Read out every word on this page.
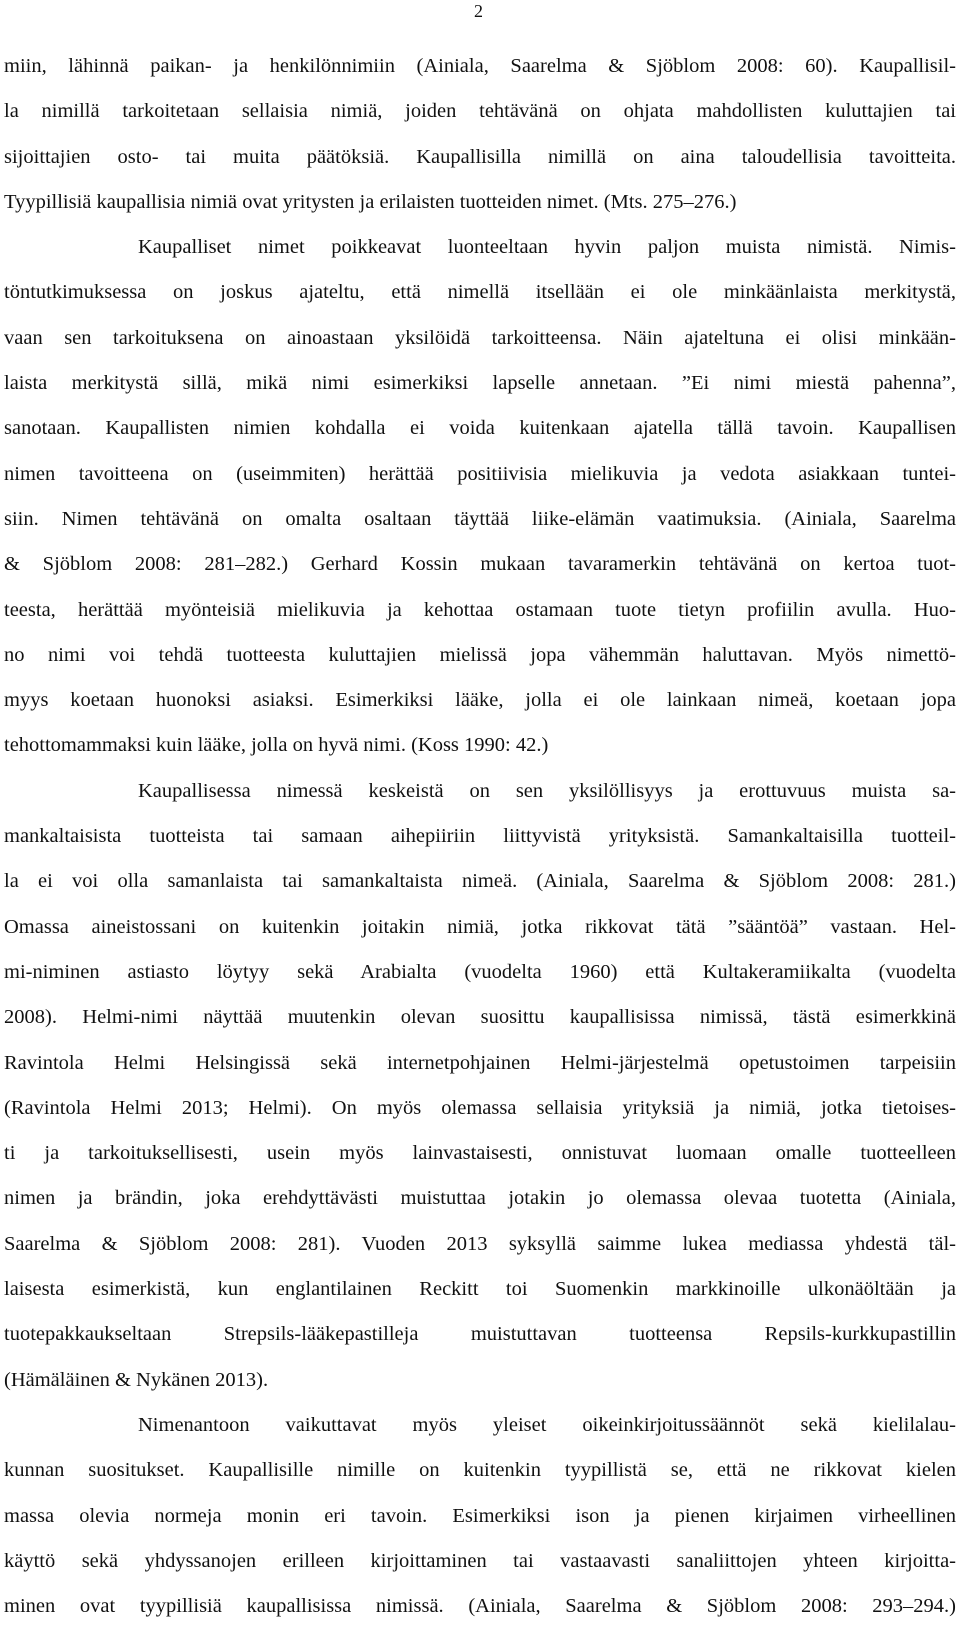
2
miin, lähinnä paikan- ja henkilönnimiin (Ainiala, Saarelma & Sjöblom 2008: 60). Kaupallisil-
la nimillä tarkoitetaan sellaisia nimiä, joiden tehtävänä on ohjata mahdollisten kuluttajien tai
sijoittajien osto- tai muita päätöksiä. Kaupallisilla nimillä on aina taloudellisia tavoitteita.
Tyypillisiä kaupallisia nimiä ovat yritysten ja erilaisten tuotteiden nimet. (Mts. 275–276.)
Kaupalliset nimet poikkeavat luonteeltaan hyvin paljon muista nimistä. Nimis-
töntutkimuksessa on joskus ajateltu, että nimellä itsellään ei ole minkäänlaista merkitystä,
vaan sen tarkoituksena on ainoastaan yksilöidä tarkoitteensa. Näin ajateltuna ei olisi minkään-
laista merkitystä sillä, mikä nimi esimerkiksi lapselle annetaan. ”Ei nimi miestä pahenna”,
sanotaan. Kaupallisten nimien kohdalla ei voida kuitenkaan ajatella tällä tavoin. Kaupallisen
nimen tavoitteena on (useimmiten) herättää positiivisia mielikuvia ja vedota asiakkaan tuntei-
siin. Nimen tehtävänä on omalta osaltaan täyttää liike-elämän vaatimuksia. (Ainiala, Saarelma
& Sjöblom 2008: 281–282.) Gerhard Kossin mukaan tavaramerkin tehtävänä on kertoa tuot-
teesta, herättää myönteisiä mielikuvia ja kehottaa ostamaan tuote tietyn profiilin avulla. Huo-
no nimi voi tehdä tuotteesta kuluttajien mielissä jopa vähemmän haluttavan. Myös nimettö-
myys koetaan huonoksi asiaksi. Esimerkiksi lääke, jolla ei ole lainkaan nimeä, koetaan jopa
tehottomammaksi kuin lääke, jolla on hyvä nimi. (Koss 1990: 42.)
Kaupallisessa nimessä keskeistä on sen yksilöllisyys ja erottuvuus muista sa-
mankaltaisista tuotteista tai samaan aihepiiriin liittyvistä yrityksistä. Samankaltaisilla tuotteil-
la ei voi olla samanlaista tai samankaltaista nimeä. (Ainiala, Saarelma & Sjöblom 2008: 281.)
Omassa aineistossani on kuitenkin joitakin nimiä, jotka rikkovat tätä ”sääntöä” vastaan. Hel-
mi-niminen astiasto löytyy sekä Arabialta (vuodelta 1960) että Kultakeramiikalta (vuodelta
2008). Helmi-nimi näyttää muutenkin olevan suosittu kaupallisissa nimissä, tästä esimerkkinä
Ravintola Helmi Helsingissä sekä internetpohjainen Helmi-järjestelmä opetustoimen tarpeisiin
(Ravintola Helmi 2013; Helmi). On myös olemassa sellaisia yrityksiä ja nimiä, jotka tietoises-
ti ja tarkoituksellisesti, usein myös lainvastaisesti, onnistuvat luomaan omalle tuotteelleen
nimen ja brändin, joka erehdyttävästi muistuttaa jotakin jo olemassa olevaa tuotetta (Ainiala,
Saarelma & Sjöblom 2008: 281). Vuoden 2013 syksyllä saimme lukea mediassa yhdestä täl-
laisesta esimerkistä, kun englantilainen Reckitt toi Suomenkin markkinoille ulkonäöltään ja
tuotepakkaukseltaan Strepsils-lääkepastilleja muistuttavan tuotteensa Repsils-kurkkupastillin
(Hämäläinen & Nykänen 2013).
Nimenantoon vaikuttavat myös yleiset oikeinkirjoitussäännöt sekä kielilalau-
kunnan suositukset. Kaupallisille nimille on kuitenkin tyypillistä se, että ne rikkovat kielen
massa olevia normeja monin eri tavoin. Esimerkiksi ison ja pienen kirjaimen virheellinen
käyttö sekä yhdyssanojen erilleen kirjoittaminen tai vastaavasti sanaliittojen yhteen kirjoitta-
minen ovat tyypillisiä kaupallisissa nimissä. (Ainiala, Saarelma & Sjöblom 2008: 293–294.)
